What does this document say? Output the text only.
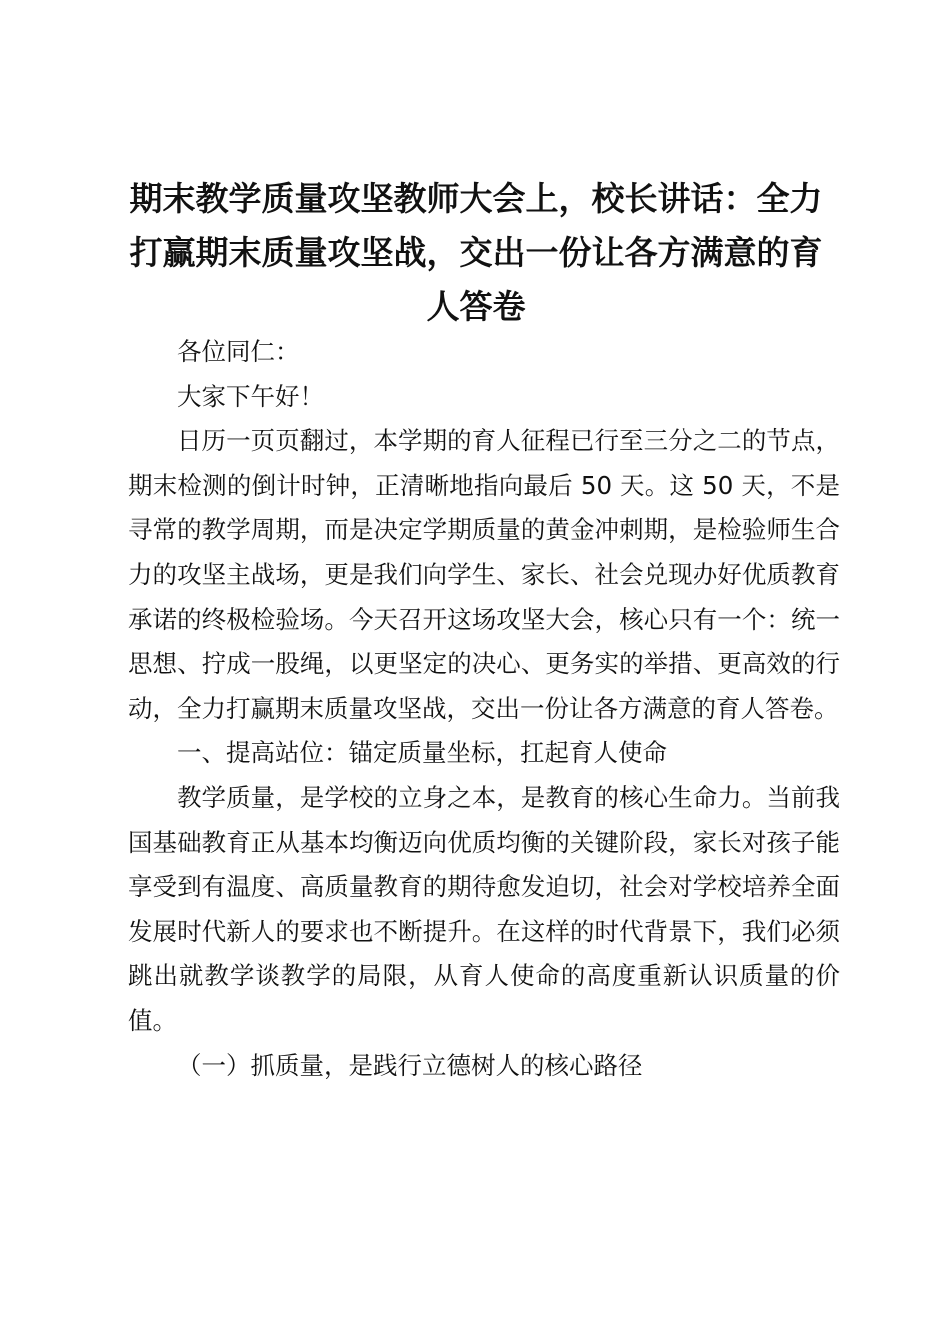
期末教学质量攻坚教师大会上，校长讲话：全力打赢期末质量攻坚战，交出一份让各方满意的育人答卷

各位同仁：

大家下午好！

日历一页页翻过，本学期的育人征程已行至三分之二的节点，期末检测的倒计时钟，正清晰地指向最后 50 天。这 50 天，不是寻常的教学周期，而是决定学期质量的黄金冲刺期，是检验师生合力的攻坚主战场，更是我们向学生、家长、社会兑现办好优质教育承诺的终极检验场。今天召开这场攻坚大会，核心只有一个：统一思想、拧成一股绳，以更坚定的决心、更务实的举措、更高效的行动，全力打赢期末质量攻坚战，交出一份让各方满意的育人答卷。

一、提高站位：锚定质量坐标，扛起育人使命

教学质量，是学校的立身之本，是教育的核心生命力。当前我国基础教育正从基本均衡迈向优质均衡的关键阶段，家长对孩子能享受到有温度、高质量教育的期待愈发迫切，社会对学校培养全面发展时代新人的要求也不断提升。在这样的时代背景下，我们必须跳出就教学谈教学的局限，从育人使命的高度重新认识质量的价值。

（一）抓质量，是践行立德树人的核心路径
